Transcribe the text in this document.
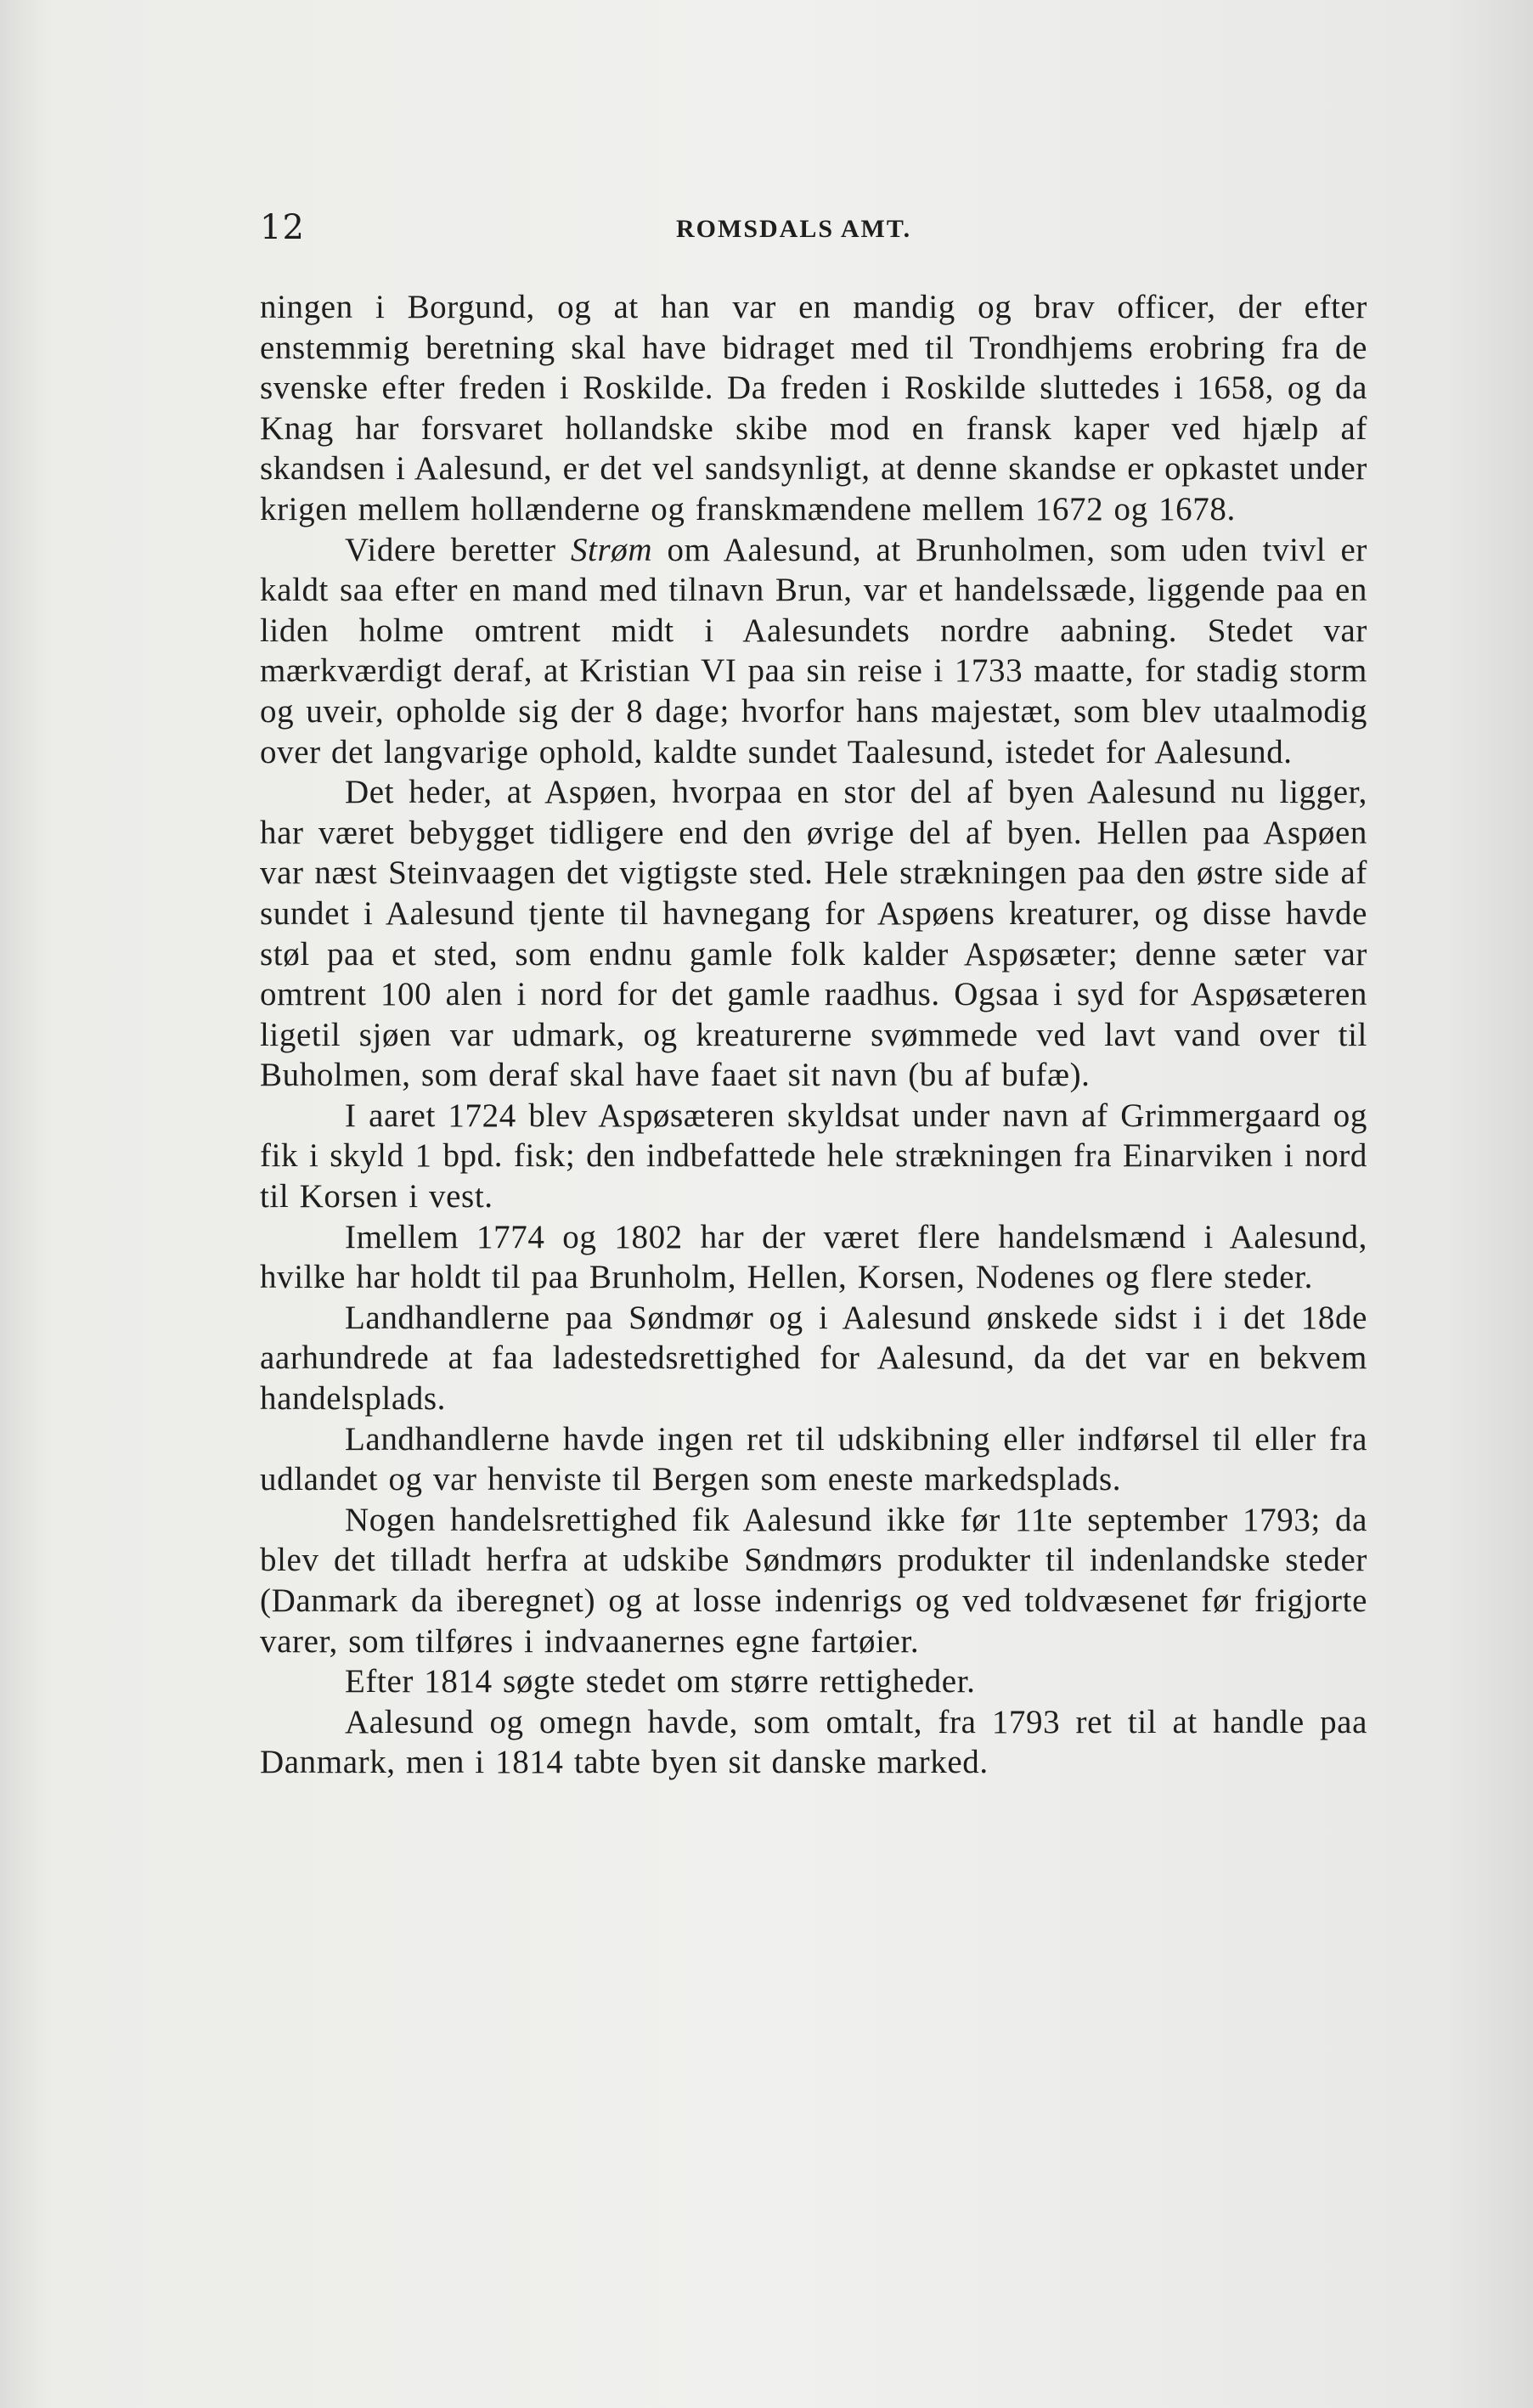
12	ROMSDALS AMT.

ningen i Borgund, og at han var en mandig og brav officer, der efter enstemmig beretning skal have bidraget med til Trondhjems erobring fra de svenske efter freden i Roskilde. Da freden i Roskilde sluttedes i 1658, og da Knag har forsvaret hollandske skibe mod en fransk kaper ved hjælp af skandsen i Aalesund, er det vel sandsynligt, at denne skandse er opkastet under krigen mellem hollænderne og franskmændene mellem 1672 og 1678.

Videre beretter Strøm om Aalesund, at Brunholmen, som uden tvivl er kaldt saa efter en mand med tilnavn Brun, var et handelssæde, liggende paa en liden holme omtrent midt i Aalesundets nordre aabning. Stedet var mærkværdigt deraf, at Kristian VI paa sin reise i 1733 maatte, for stadig storm og uveir, opholde sig der 8 dage; hvorfor hans majestæt, som blev utaalmodig over det langvarige ophold, kaldte sundet Taalesund, istedet for Aalesund.

Det heder, at Aspøen, hvorpaa en stor del af byen Aalesund nu ligger, har været bebygget tidligere end den øvrige del af byen. Hellen paa Aspøen var næst Steinvaagen det vigtigste sted. Hele strækningen paa den østre side af sundet i Aalesund tjente til havnegang for Aspøens kreaturer, og disse havde støl paa et sted, som endnu gamle folk kalder Aspøsæter; denne sæter var omtrent 100 alen i nord for det gamle raadhus. Ogsaa i syd for Aspøsæteren ligetil sjøen var udmark, og kreaturerne svømmede ved lavt vand over til Buholmen, som deraf skal have faaet sit navn (bu af bufæ).

I aaret 1724 blev Aspøsæteren skyldsat under navn af Grimmergaard og fik i skyld 1 bpd. fisk; den indbefattede hele strækningen fra Einarviken i nord til Korsen i vest.

Imellem 1774 og 1802 har der været flere handelsmænd i Aalesund, hvilke har holdt til paa Brunholm, Hellen, Korsen, Nodenes og flere steder.

Landhandlerne paa Søndmør og i Aalesund ønskede sidst i i det 18de aarhundrede at faa ladestedsrettighed for Aalesund, da det var en bekvem handelsplads.

Landhandlerne havde ingen ret til udskibning eller indførsel til eller fra udlandet og var henviste til Bergen som eneste markedsplads.

Nogen handelsrettighed fik Aalesund ikke før 11te september 1793; da blev det tilladt herfra at udskibe Søndmørs produkter til indenlandske steder (Danmark da iberegnet) og at losse indenrigs og ved toldvæsenet før frigjorte varer, som tilføres i indvaanernes egne fartøier.

Efter 1814 søgte stedet om større rettigheder.

Aalesund og omegn havde, som omtalt, fra 1793 ret til at handle paa Danmark, men i 1814 tabte byen sit danske marked.
